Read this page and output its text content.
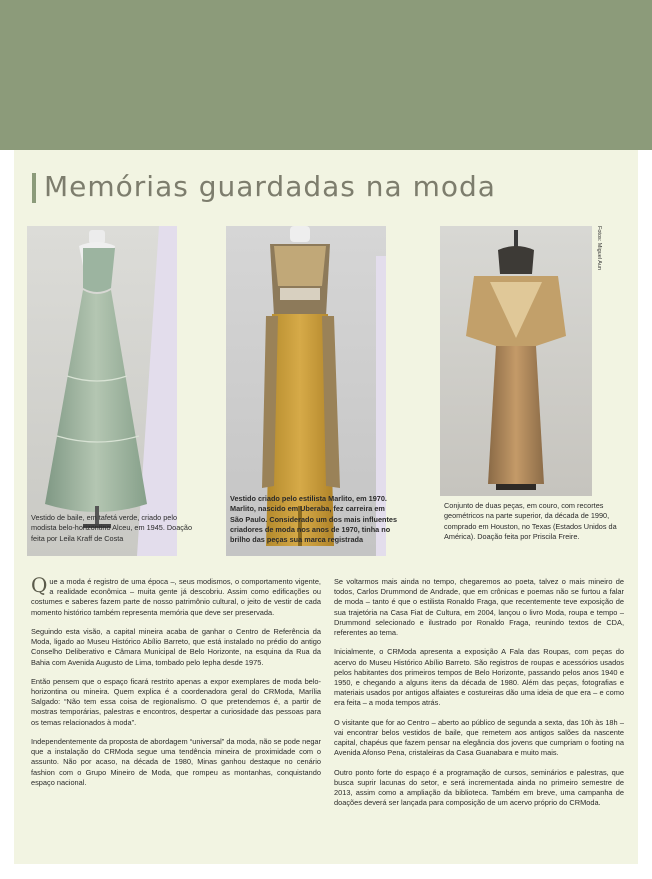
Memórias guardadas na moda
Fotos: Miguel Aun
Vestido de baile, em tafetá verde, criado pelo modista belo-horizontino Alceu, em 1945. Doação feita por Leila Kraff de Costa
Vestido criado pelo estilista Marlito, em 1970. Marlito, nascido em Uberaba, fez carreira em São Paulo. Considerado um dos mais influentes criadores de moda nos anos de 1970, tinha no brilho das peças sua marca registrada
Conjunto de duas peças, em couro, com recortes geométricos na parte superior, da década de 1990, comprado em Houston, no Texas (Estados Unidos da América). Doação feita por Priscila Freire.

Que a moda é registro de uma época –, seus modismos, o comportamento vigente, a realidade econômica – muita gente já descobriu. Assim como edificações ou costumes e saberes fazem parte de nosso patrimônio cultural, o jeito de vestir de cada momento histórico também representa memória que deve ser preservada.

Seguindo esta visão, a capital mineira acaba de ganhar o Centro de Referência da Moda, ligado ao Museu Histórico Abílio Barreto, que está instalado no prédio do antigo Conselho Deliberativo e Câmara Municipal de Belo Horizonte, na esquina da Rua da Bahia com Avenida Augusto de Lima, tombado pelo Iepha desde 1975.

Então pensem que o espaço ficará restrito apenas a expor exemplares de moda belo-horizontina ou mineira. Quem explica é a coordenadora geral do CRModa, Marília Salgado: “Não tem essa coisa de regionalismo. O que pretendemos é, a partir de mostras temporárias, palestras e encontros, despertar a curiosidade das pessoas para os temas relacionados à moda”.

Independentemente da proposta de abordagem “universal” da moda, não se pode negar que a instalação do CRModa segue uma tendência mineira de proximidade com o assunto. Não por acaso, na década de 1980, Minas ganhou destaque no cenário fashion com o Grupo Mineiro de Moda, que rompeu as montanhas, conquistando espaço nacional.

Se voltarmos mais ainda no tempo, chegaremos ao poeta, talvez o mais mineiro de todos, Carlos Drummond de Andrade, que em crônicas e poemas não se furtou a falar de moda – tanto é que o estilista Ronaldo Fraga, que recentemente teve exposição de sua trajetória na Casa Fiat de Cultura, em 2004, lançou o livro Moda, roupa e tempo – Drummond selecionado e ilustrado por Ronaldo Fraga, reunindo textos de CDA, referentes ao tema.

Inicialmente, o CRModa apresenta a exposição A Fala das Roupas, com peças do acervo do Museu Histórico Abílio Barreto. São registros de roupas e acessórios usados pelos habitantes dos primeiros tempos de Belo Horizonte, passando pelos anos 1940 e 1950, e chegando a alguns itens da década de 1980. Além das peças, fotografias e materiais usados por antigos alfaiates e costureiras dão uma ideia de que era – e como era feita – a moda tempos atrás.

O visitante que for ao Centro – aberto ao público de segunda a sexta, das 10h às 18h – vai encontrar belos vestidos de baile, que remetem aos antigos salões da nascente capital, chapéus que fazem pensar na elegância dos jovens que cumpriam o footing na Avenida Afonso Pena, cristaleiras da Casa Guanabara e muito mais.

Outro ponto forte do espaço é a programação de cursos, seminários e palestras, que busca suprir lacunas do setor, e será incrementada ainda no primeiro semestre de 2013, assim como a ampliação da biblioteca. Também em breve, uma campanha de doações deverá ser lançada para composição de um acervo próprio do CRModa.
